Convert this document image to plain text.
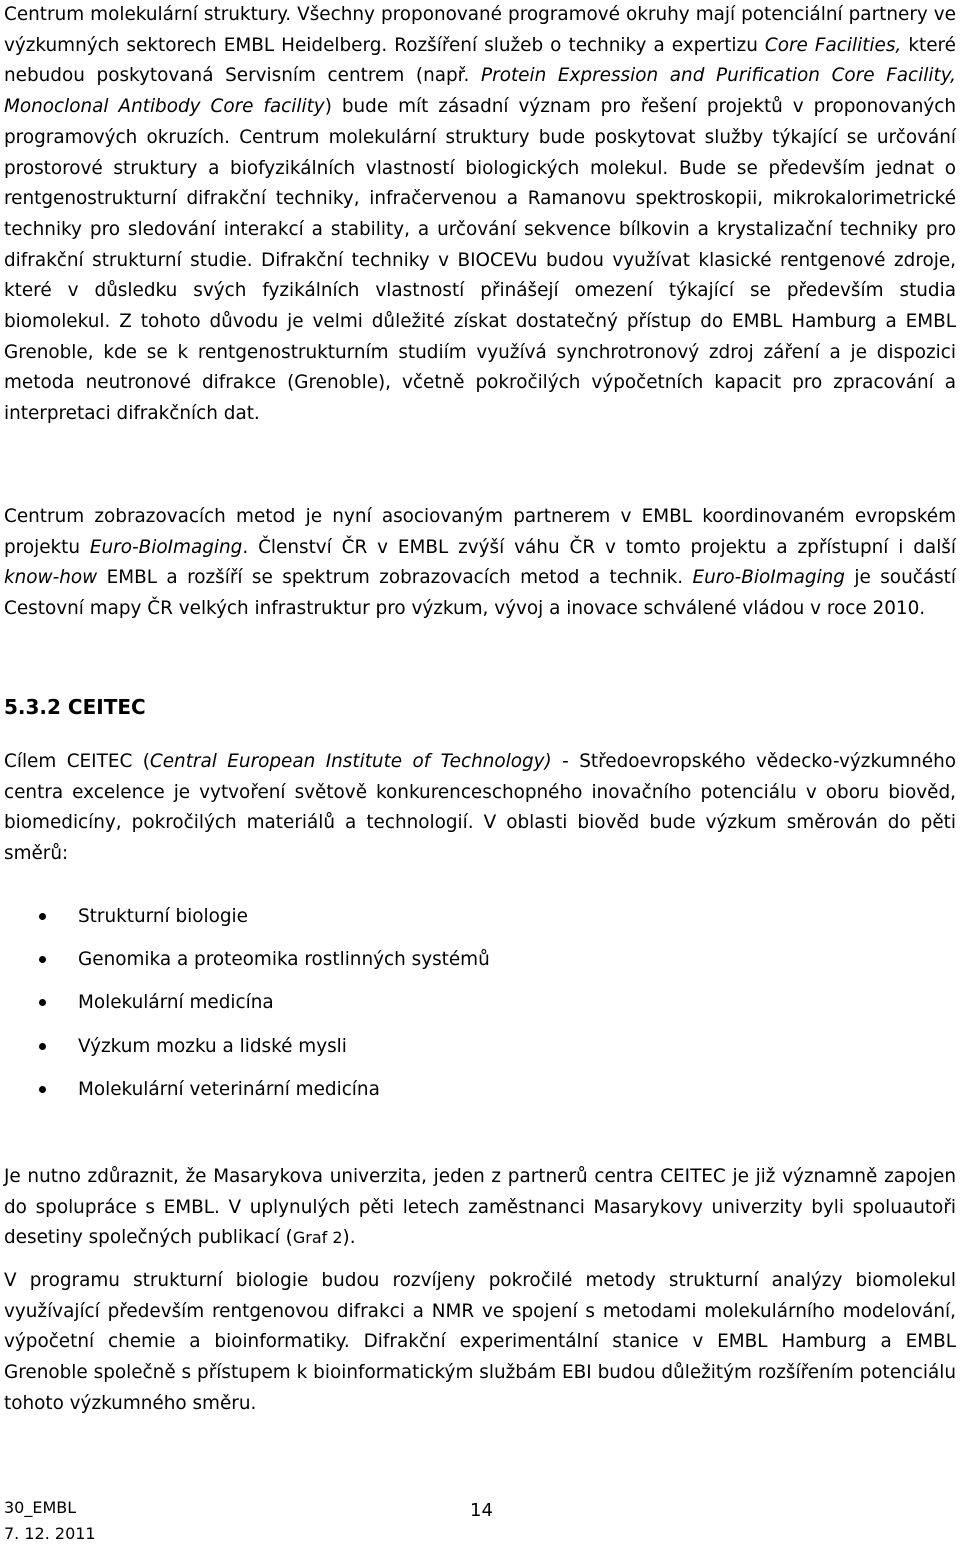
Centrum molekulární struktury. Všechny proponované programové okruhy mají potenciální partnery ve výzkumných sektorech EMBL Heidelberg. Rozšíření služeb o techniky a expertizu Core Facilities, které nebudou poskytovaná Servisním centrem (např. Protein Expression and Purification Core Facility, Monoclonal Antibody Core facility) bude mít zásadní význam pro řešení projektů v proponovaných programových okruzích. Centrum molekulární struktury bude poskytovat služby týkající se určování prostorové struktury a biofyzikálních vlastností biologických molekul. Bude se především jednat o rentgenostrukturní difrakční techniky, infračervenou a Ramanovu spektroskopii, mikrokalorimetrické techniky pro sledování interakcí a stability, a určování sekvence bílkovin a krystalizační techniky pro difrakční strukturní studie. Difrakční techniky v BIOCEVu budou využívat klasické rentgenové zdroje, které v důsledku svých fyzikálních vlastností přinášejí omezení týkající se především studia biomolekul. Z tohoto důvodu je velmi důležité získat dostatečný přístup do EMBL Hamburg a EMBL Grenoble, kde se k rentgenostrukturním studiím využívá synchrotronový zdroj záření a je dispozici metoda neutronové difrakce (Grenoble), včetně pokročilých výpočetních kapacit pro zpracování a interpretaci difrakčních dat.

Centrum zobrazovacích metod je nyní asociovaným partnerem v EMBL koordinovaném evropském projektu Euro-BioImaging. Členství ČR v EMBL zvýší váhu ČR v tomto projektu a zpřístupní i další know-how EMBL a rozšíří se spektrum zobrazovacích metod a technik. Euro-BioImaging je součástí Cestovní mapy ČR velkých infrastruktur pro výzkum, vývoj a inovace schválené vládou v roce 2010.

5.3.2 CEITEC

Cílem CEITEC (Central European Institute of Technology) - Středoevropského vědecko-výzkumného centra excelence je vytvoření světově konkurenceschopného inovačního potenciálu v oboru biověd, biomedicíny, pokročilých materiálů a technologií. V oblasti biověd bude výzkum směrován do pěti směrů:

Strukturní biologie
Genomika a proteomika rostlinných systémů
Molekulární medicína
Výzkum mozku a lidské mysli
Molekulární veterinární medicína

Je nutno zdůraznit, že Masarykova univerzita, jeden z partnerů centra CEITEC je již významně zapojen do spolupráce s EMBL. V uplynulých pěti letech zaměstnanci Masarykovy univerzity byli spoluautoři desetiny společných publikací (Graf 2).

V programu strukturní biologie budou rozvíjeny pokročilé metody strukturní analýzy biomolekul využívající především rentgenovou difrakci a NMR ve spojení s metodami molekulárního modelování, výpočetní chemie a bioinformatiky. Difrakční experimentální stanice v EMBL Hamburg a EMBL Grenoble společně s přístupem k bioinformatickým službám EBI budou důležitým rozšířením potenciálu tohoto výzkumného směru.

30_EMBL
7. 12. 2011
14
